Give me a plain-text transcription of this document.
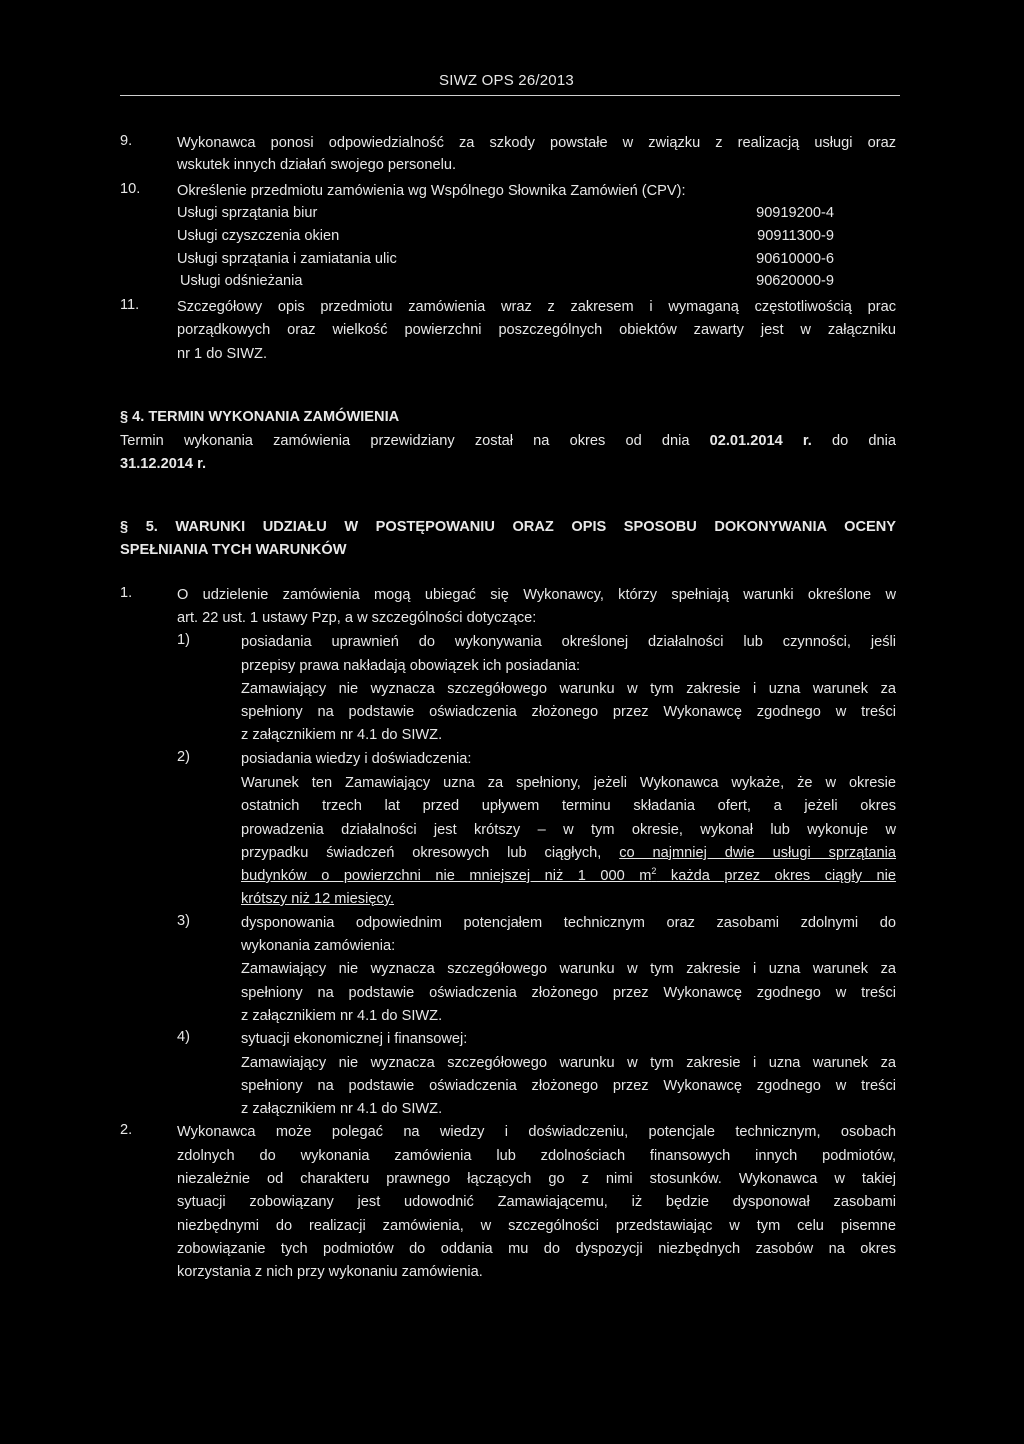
SIWZ OPS 26/2013
9.	Wykonawca ponosi odpowiedzialność za szkody powstałe w związku z realizacją usługi oraz
wskutek innych działań swojego personelu.
10.	Określenie przedmiotu zamówienia wg Wspólnego Słownika Zamówień (CPV):
Usługi sprzątania biur	90919200-4
Usługi czyszczenia okien	90911300-9
Usługi sprzątania i zamiatania ulic	90610000-6
Usługi odśnieżania	90620000-9
11.	Szczegółowy opis przedmiotu zamówienia wraz z zakresem i wymaganą częstotliwością prac
porządkowych oraz wielkość powierzchni poszczególnych obiektów zawarty jest w załączniku
nr 1 do SIWZ.
§ 4. TERMIN WYKONANIA ZAMÓWIENIA
Termin wykonania zamówienia przewidziany został na okres od dnia 02.01.2014 r. do dnia
31.12.2014 r.
§ 5. WARUNKI UDZIAŁU W POSTĘPOWANIU ORAZ OPIS SPOSOBU DOKONYWANIA OCENY
SPEŁNIANIA TYCH WARUNKÓW
1.	O udzielenie zamówienia mogą ubiegać się Wykonawcy, którzy spełniają warunki określone w
art. 22 ust. 1 ustawy Pzp, a w szczególności dotyczące:
1)	posiadania uprawnień do wykonywania określonej działalności lub czynności, jeśli
przepisy prawa nakładają obowiązek ich posiadania:
Zamawiający nie wyznacza szczegółowego warunku w tym zakresie i uzna warunek za
spełniony na podstawie oświadczenia złożonego przez Wykonawcę zgodnego w treści
z załącznikiem nr 4.1 do SIWZ.
2)	posiadania wiedzy i doświadczenia:
Warunek ten Zamawiający uzna za spełniony, jeżeli Wykonawca wykaże, że w okresie
ostatnich trzech lat przed upływem terminu składania ofert, a jeżeli okres
prowadzenia działalności jest krótszy – w tym okresie, wykonał lub wykonuje w
przypadku świadczeń okresowych lub ciągłych, co najmniej dwie usługi sprzątania
budynków o powierzchni nie mniejszej niż 1 000 $m^2$ każda przez okres ciągły nie
krótszy niż 12 miesięcy.
3)	dysponowania odpowiednim potencjałem technicznym oraz zasobami zdolnymi do
wykonania zamówienia:
Zamawiający nie wyznacza szczegółowego warunku w tym zakresie i uzna warunek za
spełniony na podstawie oświadczenia złożonego przez Wykonawcę zgodnego w treści
z załącznikiem nr 4.1 do SIWZ.
4)	sytuacji ekonomicznej i finansowej:
Zamawiający nie wyznacza szczegółowego warunku w tym zakresie i uzna warunek za
spełniony na podstawie oświadczenia złożonego przez Wykonawcę zgodnego w treści
z załącznikiem nr 4.1 do SIWZ.
2.	Wykonawca może polegać na wiedzy i doświadczeniu, potencjale technicznym, osobach
zdolnych do wykonania zamówienia lub zdolnościach finansowych innych podmiotów,
niezależnie od charakteru prawnego łączących go z nimi stosunków. Wykonawca w takiej
sytuacji zobowiązany jest udowodnić Zamawiającemu, iż będzie dysponował zasobami
niezbędnymi do realizacji zamówienia, w szczególności przedstawiając w tym celu pisemne
zobowiązanie tych podmiotów do oddania mu do dyspozycji niezbędnych zasobów na okres
korzystania z nich przy wykonaniu zamówienia.
